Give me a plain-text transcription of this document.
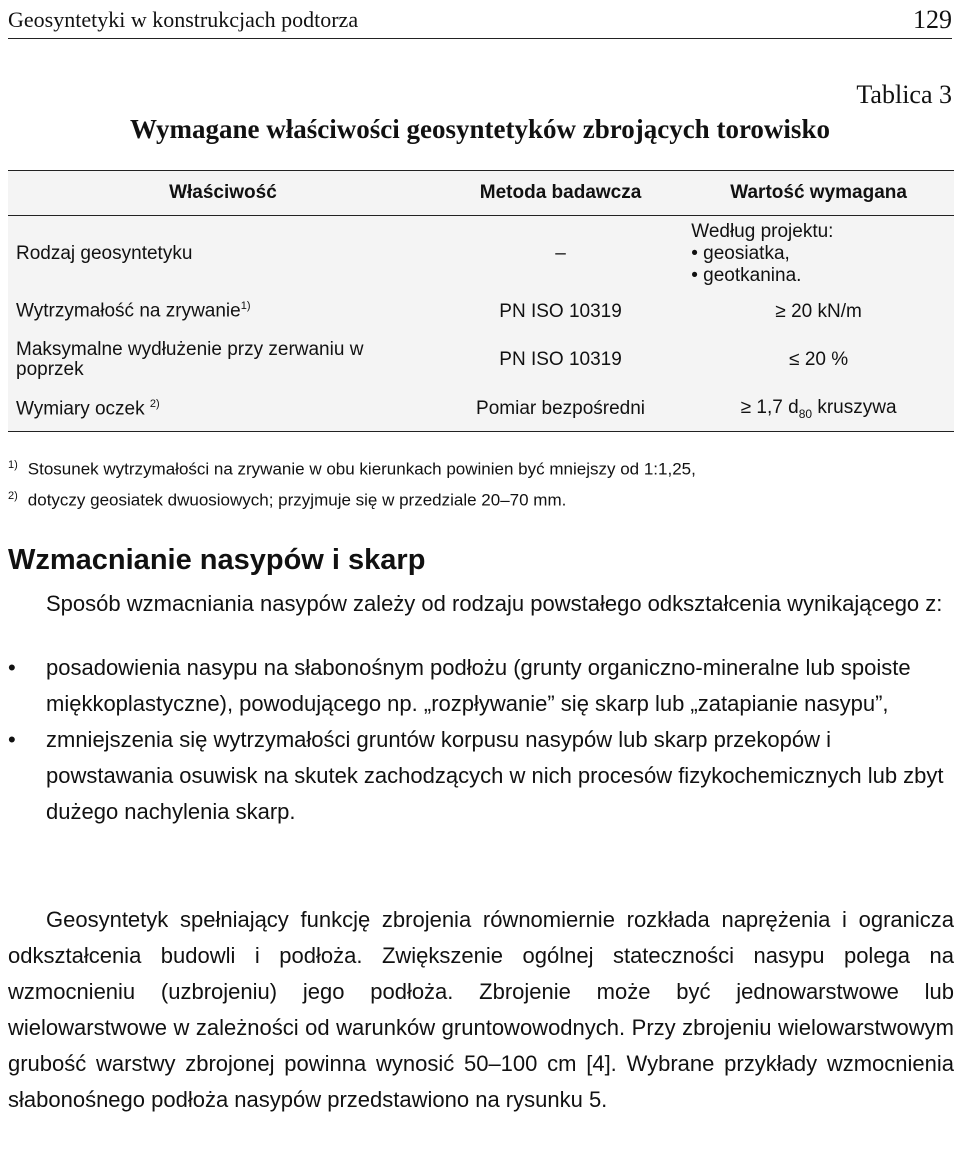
Geosyntetyki w konstrukcjach podtorza	129
Tablica 3
Wymagane właściwości geosyntetyków zbrojących torowisko
Właściwość	Metoda badawcza	Wartość wymagana
Rodzaj geosyntetyku	–	Według projektu:

• geosiatka,
• geotkanina.

Wytrzymałość na zrywanie$^{1)}$	PN ISO 10319	≥ 20 kN/m
Maksymalne wydłużenie przy zerwaniu w poprzek	PN ISO 10319	≤ 20 %
Wymiary oczek $^{2)}$	Pomiar bezpośredni	≥ 1,7 $d_{80}$ kruszywa
$^{1)}$ Stosunek wytrzymałości na zrywanie w obu kierunkach powinien być mniejszy od 1:1,25,
$^{2)}$ dotyczy geosiatek dwuosiowych; przyjmuje się w przedziale 20–70 mm.
Wzmacnianie nasypów i skarp
Sposób wzmacniania nasypów zależy od rodzaju powstałego odkształcenia wynikającego z:
• posadowienia nasypu na słabonośnym podłożu (grunty organiczno-mineralne lub spoiste miękkoplastyczne), powodującego np. „rozpływanie” się skarp lub „zatapianie nasypu”,
• zmniejszenia się wytrzymałości gruntów korpusu nasypów lub skarp przekopów i powstawania osuwisk na skutek zachodzących w nich procesów fizykochemicznych lub zbyt dużego nachylenia skarp.
Geosyntetyk spełniający funkcję zbrojenia równomiernie rozkłada naprężenia i ogranicza odkształcenia budowli i podłoża. Zwiększenie ogólnej stateczności nasypu polega na wzmocnieniu (uzbrojeniu) jego podłoża. Zbrojenie może być jednowarstwowe lub wielowarstwowe w zależności od warunków gruntowowodnych. Przy zbrojeniu wielowarstwowym grubość warstwy zbrojonej powinna wynosić 50–100 cm [4]. Wybrane przykłady wzmocnienia słabonośnego podłoża nasypów przedstawiono na rysunku 5.
